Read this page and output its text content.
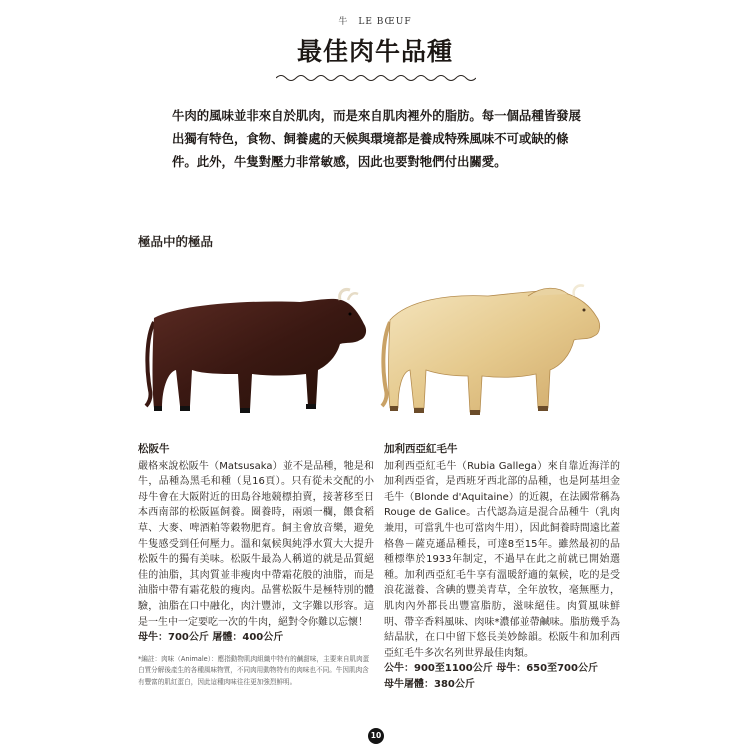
牛　LE BŒUF
最佳肉牛品種
牛肉的風味並非來自於肌肉，而是來自肌肉裡外的脂肪。每一個品種皆發展出獨有特色，食物、飼養處的天候與環境都是養成特殊風味不可或缺的條件。此外，牛隻對壓力非常敏感，因此也要對牠們付出關愛。
極品中的極品
松阪牛
嚴格來說松阪牛（Matsusaka）並不是品種，牠是和牛，品種為黑毛和種（見16頁）。只有從未交配的小母牛會在大阪附近的田島谷地競標拍賣，接著移至日本西南部的松阪區飼養。圈養時，兩頭一欄，餵食稻草、大麥、啤酒粕等穀物肥育。飼主會放音樂，避免牛隻感受到任何壓力。溫和氣候與純淨水質大大提升松阪牛的獨有美味。松阪牛最為人稱道的就是品質絕佳的油脂，其肉質並非瘦肉中帶霜花般的油脂，而是油脂中帶有霜花般的瘦肉。品嘗松阪牛是極特別的體驗，油脂在口中融化，肉汁豐沛，文字難以形容。這是一生中一定要吃一次的牛肉，絕對令你難以忘懷！
母牛：700公斤 屠體：400公斤
*編註：肉味（Animale）：應指動物肌肉組織中特有的鹹甜味，主要來自肌肉蛋白質分解後產生的各種風味物質，不同肉用動物特有的肉味也不同。牛因肌肉含有豐富的肌紅蛋白，因此這種肉味往往更加強烈鮮明。
加利西亞紅毛牛
加利西亞紅毛牛（Rubia Gallega）來自靠近海洋的加利西亞省，是西班牙西北部的品種，也是阿基坦金毛牛（Blonde d'Aquitaine）的近親，在法國常稱為Rouge de Galice。古代認為這是混合品種牛（乳肉兼用，可當乳牛也可當肉牛用），因此飼養時間遠比蓋格魯－薩克遜品種長，可達8至15年。雖然最初的品種標準於1933年制定，不過早在此之前就已開始選種。加利西亞紅毛牛享有溫暖舒適的氣候，吃的是受浪花滋養、含碘的豐美青草，全年放牧，毫無壓力，肌肉內外都長出豐富脂肪，滋味絕佳。肉質風味鮮明、帶辛香料風味、肉味*濃郁並帶鹹味。脂肪幾乎為結晶狀，在口中留下悠長美妙餘韻。松阪牛和加利西亞紅毛牛多次名列世界最佳肉類。
公牛：900至1100公斤 母牛：650至700公斤
母牛屠體：380公斤
10
